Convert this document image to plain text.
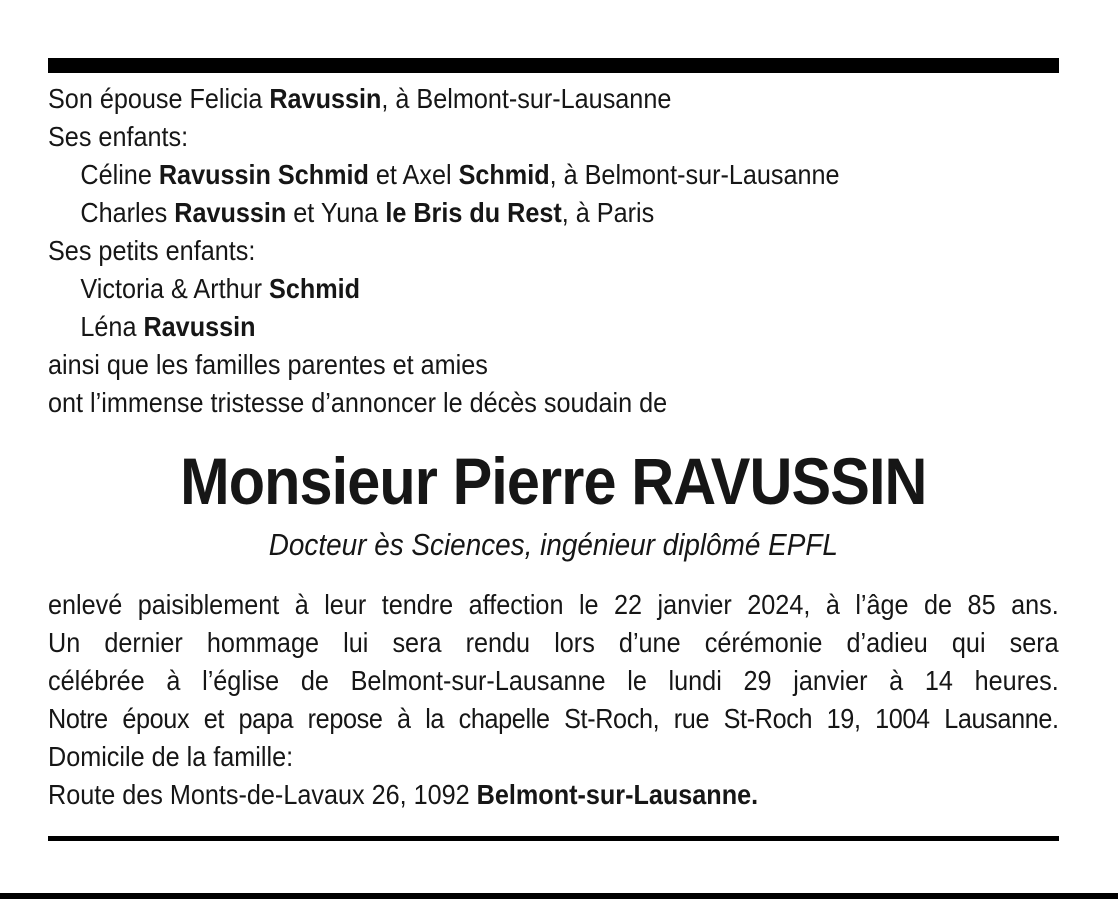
Son épouse Felicia Ravussin, à Belmont-sur-Lausanne
Ses enfants:
Céline Ravussin Schmid et Axel Schmid, à Belmont-sur-Lausanne
Charles Ravussin et Yuna le Bris du Rest, à Paris
Ses petits enfants:
Victoria & Arthur Schmid
Léna Ravussin
ainsi que les familles parentes et amies
ont l’immense tristesse d’annoncer le décès soudain de
Monsieur Pierre RAVUSSIN
Docteur ès Sciences, ingénieur diplômé EPFL
enlevé paisiblement à leur tendre affection le 22 janvier 2024, à l’âge de 85 ans.
Un dernier hommage lui sera rendu lors d’une cérémonie d’adieu qui sera
célébrée à l’église de Belmont-sur-Lausanne le lundi 29 janvier à 14 heures.
Notre époux et papa repose à la chapelle St-Roch, rue St-Roch 19, 1004 Lausanne.
Domicile de la famille:
Route des Monts-de-Lavaux 26, 1092 Belmont-sur-Lausanne.
